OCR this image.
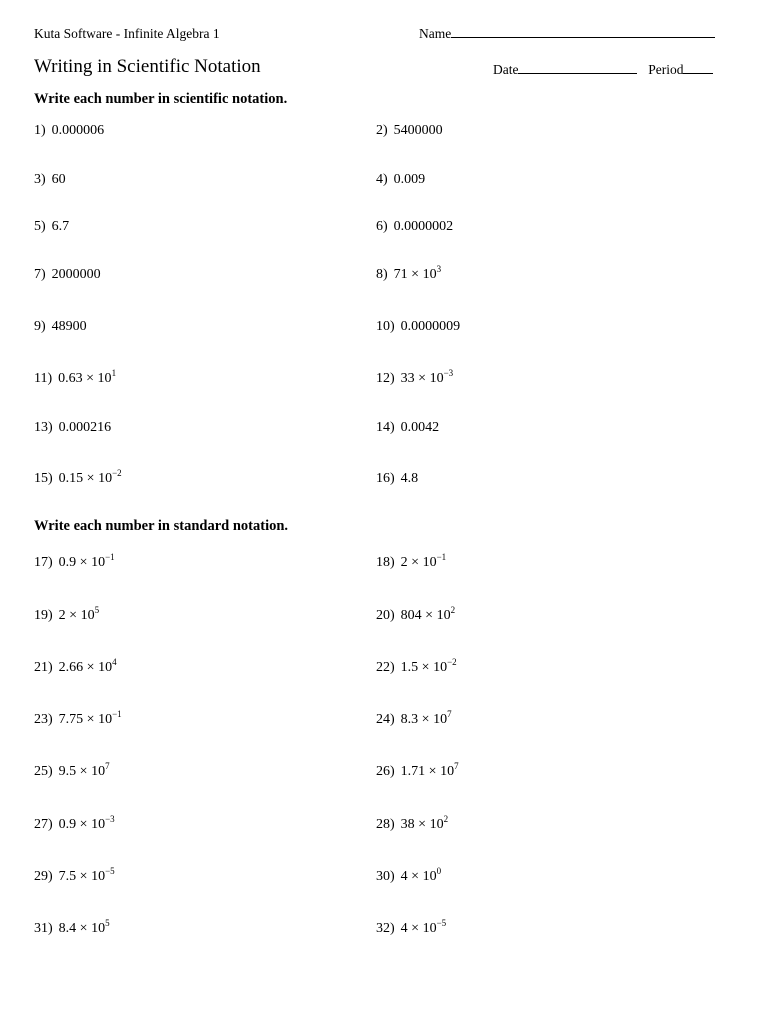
Kuta Software - Infinite Algebra 1	Name
Writing in Scientific Notation	Date	Period
Write each number in scientific notation.
1) 0.000006	2) 5400000
3) 60	4) 0.009
5) 6.7	6) 0.0000002
7) 2000000	8) $71 \times 10^3$
9) 48900	10) 0.0000009
11) $0.63 \times 10^1$	12) $33 \times 10^{-3}$
13) 0.000216	14) 0.0042
15) $0.15 \times 10^{-2}$	16) 4.8
Write each number in standard notation.
17) $0.9 \times 10^{-1}$	18) $2 \times 10^{-1}$
19) $2 \times 10^5$	20) $804 \times 10^2$
21) $2.66 \times 10^4$	22) $1.5 \times 10^{-2}$
23) $7.75 \times 10^{-1}$	24) $8.3 \times 10^7$
25) $9.5 \times 10^7$	26) $1.71 \times 10^7$
27) $0.9 \times 10^{-3}$	28) $38 \times 10^2$
29) $7.5 \times 10^{-5}$	30) $4 \times 10^0$
31) $8.4 \times 10^5$	32) $4 \times 10^{-5}$
